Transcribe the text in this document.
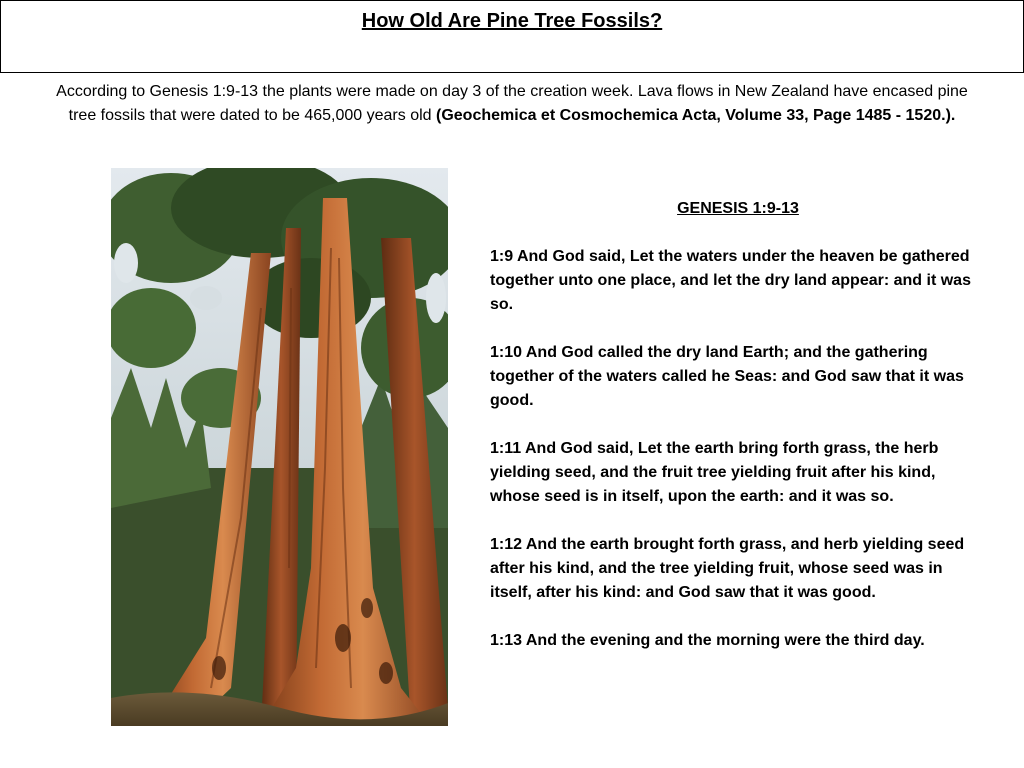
How Old Are Pine Tree Fossils?
According to Genesis 1:9-13 the plants were made on day 3 of the creation week. Lava flows in New Zealand have encased pine tree fossils that were dated to be 465,000 years old (Geochemica et Cosmochemica Acta, Volume 33, Page 1485 - 1520.).
GENESIS 1:9-13
1:9 And God said, Let the waters under the heaven be gathered together unto one place, and let the dry land appear: and it was so.
1:10 And God called the dry land Earth; and the gathering together of the waters called he Seas: and God saw that it was good.
1:11 And God said, Let the earth bring forth grass, the herb yielding seed, and the fruit tree yielding fruit after his kind, whose seed is in itself, upon the earth: and it was so.
1:12 And the earth brought forth grass, and herb yielding seed after his kind, and the tree yielding fruit, whose seed was in itself, after his kind: and God saw that it was good.
1:13 And the evening and the morning were the third day.
